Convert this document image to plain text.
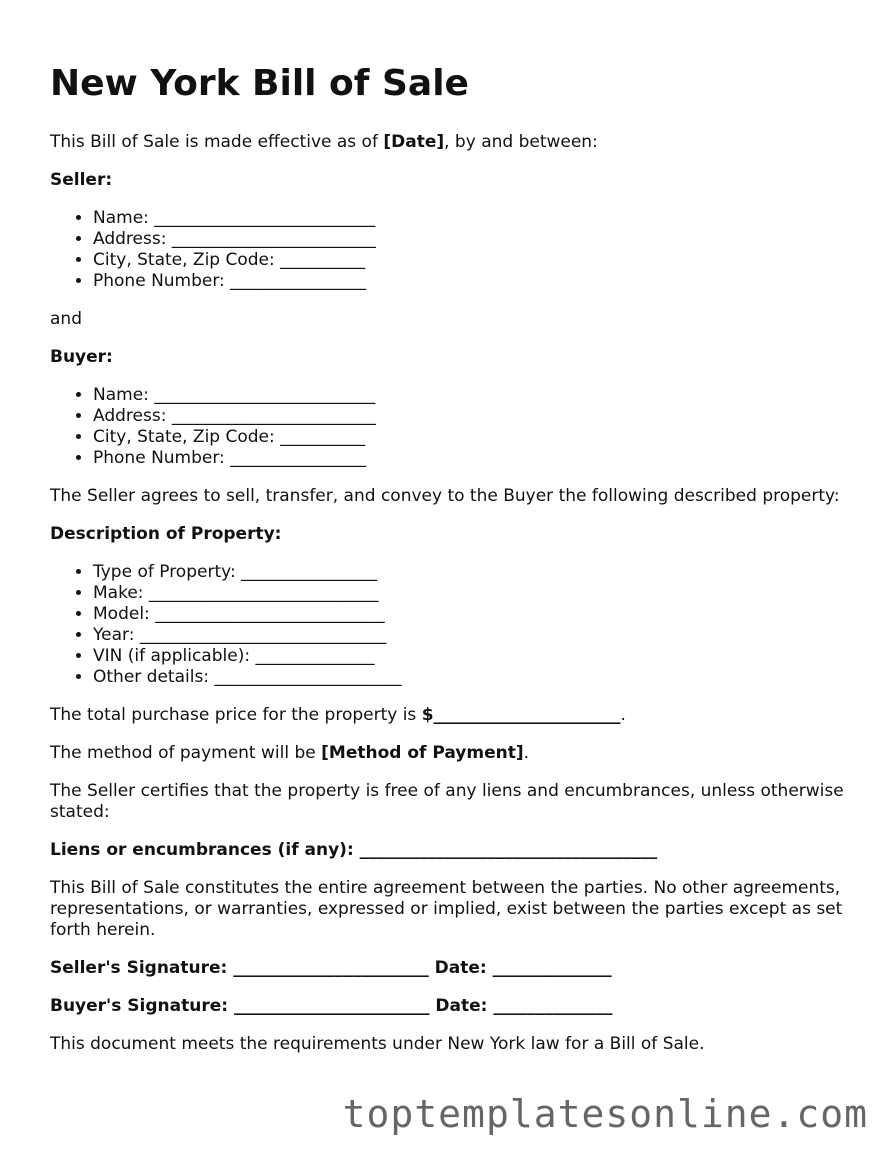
New York Bill of Sale

This Bill of Sale is made effective as of [Date], by and between:

Seller:

• Name: __________________________
• Address: ________________________
• City, State, Zip Code: __________
• Phone Number: ________________

and

Buyer:

• Name: __________________________
• Address: ________________________
• City, State, Zip Code: __________
• Phone Number: ________________

The Seller agrees to sell, transfer, and convey to the Buyer the following described property:

Description of Property:

• Type of Property: ________________
• Make: ___________________________
• Model: ___________________________
• Year: _____________________________
• VIN (if applicable): ______________
• Other details: ______________________

The total purchase price for the property is $______________________.

The method of payment will be [Method of Payment].

The Seller certifies that the property is free of any liens and encumbrances, unless otherwise stated:

Liens or encumbrances (if any): ___________________________________

This Bill of Sale constitutes the entire agreement between the parties. No other agreements, representations, or warranties, expressed or implied, exist between the parties except as set forth herein.

Seller's Signature: _______________________ Date: ______________

Buyer's Signature: _______________________ Date: ______________

This document meets the requirements under New York law for a Bill of Sale.

toptemplatesonline.com
